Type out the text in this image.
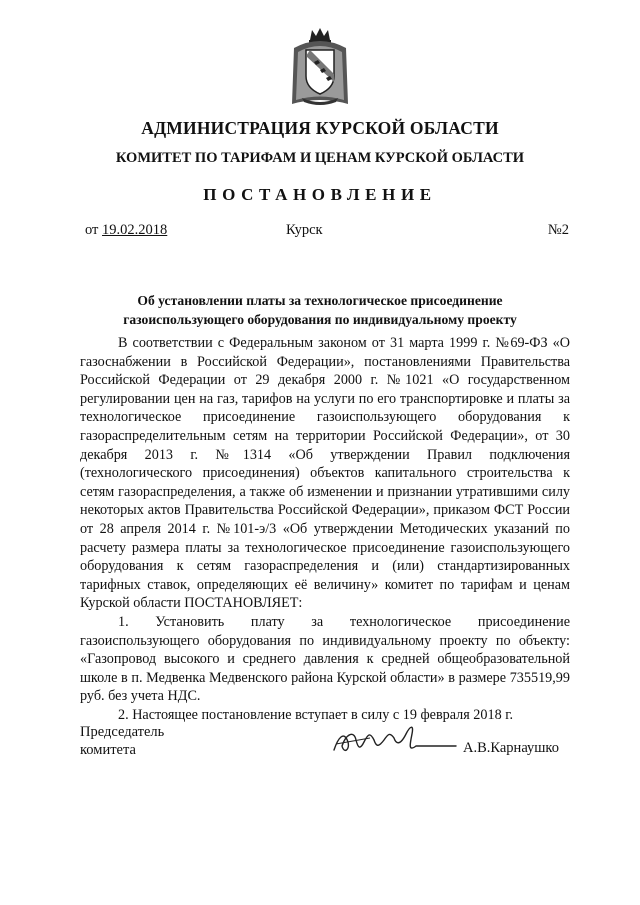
АДМИНИСТРАЦИЯ КУРСКОЙ ОБЛАСТИ
КОМИТЕТ ПО ТАРИФАМ И ЦЕНАМ КУРСКОЙ ОБЛАСТИ
ПОСТАНОВЛЕНИЕ
от 19.02.2018	Курск	№2
Об установлении платы за технологическое присоединение
газоиспользующего оборудования по индивидуальному проекту

В соответствии с Федеральным законом от 31 марта 1999 г. №69-ФЗ «О газоснабжении в Российской Федерации», постановлениями Правительства Российской Федерации от 29 декабря 2000 г. №1021 «О государственном регулировании цен на газ, тарифов на услуги по его транспортировке и платы за технологическое присоединение газоиспользующего оборудования к газораспределительным сетям на территории Российской Федерации», от 30 декабря 2013 г. №1314 «Об утверждении Правил подключения (технологического присоединения) объектов капитального строительства к сетям газораспределения, а также об изменении и признании утратившими силу некоторых актов Правительства Российской Федерации», приказом ФСТ России от 28 апреля 2014 г. №101-э/3 «Об утверждении Методических указаний по расчету размера платы за технологическое присоединение газоиспользующего оборудования к сетям газораспределения и (или) стандартизированных тарифных ставок, определяющих её величину» комитет по тарифам и ценам Курской области ПОСТАНОВЛЯЕТ:

1. Установить плату за технологическое присоединение газоиспользующего оборудования по индивидуальному проекту по объекту: «Газопровод высокого и среднего давления к средней общеобразовательной школе в п. Медвенка Медвенского района Курской области» в размере 735519,99 руб. без учета НДС.

2. Настоящее постановление вступает в силу с 19 февраля 2018 г.

Председатель
комитета	А.В.Карнаушко
